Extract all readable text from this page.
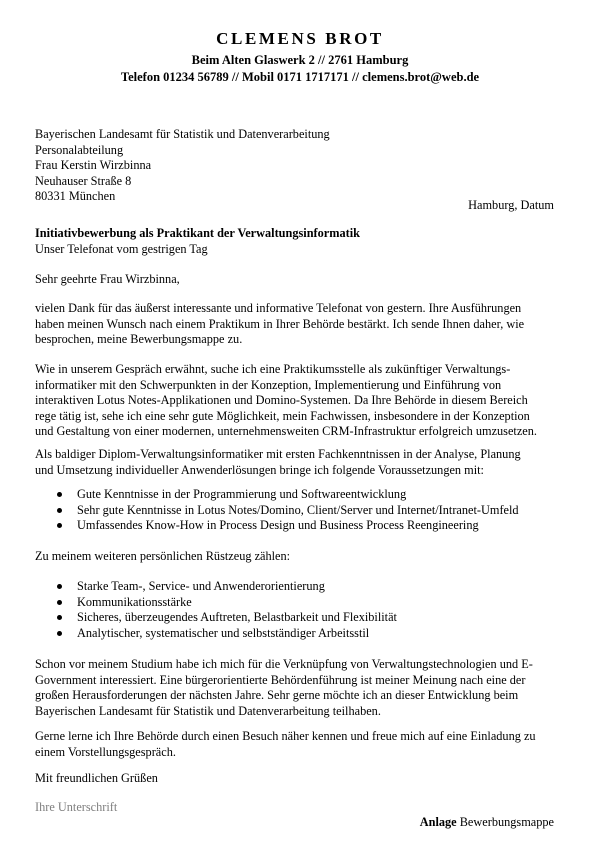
CLEMENS BROT
Beim Alten Glaswerk 2 // 2761 Hamburg
Telefon 01234 56789 // Mobil 0171 1717171 // clemens.brot@web.de
Bayerischen Landesamt für Statistik und Datenverarbeitung
Personalabteilung
Frau Kerstin Wirzbinna
Neuhauser Straße 8
80331 München
Hamburg, Datum
Initiativbewerbung als Praktikant der Verwaltungsinformatik
Unser Telefonat vom gestrigen Tag
Sehr geehrte Frau Wirzbinna,
vielen Dank für das äußerst interessante und informative Telefonat von gestern. Ihre Ausführungen
haben meinen Wunsch nach einem Praktikum in Ihrer Behörde bestärkt. Ich sende Ihnen daher, wie
besprochen, meine Bewerbungsmappe zu.
Wie in unserem Gespräch erwähnt, suche ich eine Praktikumsstelle als zukünftiger Verwaltungs-
informatiker mit den Schwerpunkten in der Konzeption, Implementierung und Einführung von
interaktiven Lotus Notes-Applikationen und Domino-Systemen. Da Ihre Behörde in diesem Bereich
rege tätig ist, sehe ich eine sehr gute Möglichkeit, mein Fachwissen, insbesondere in der Konzeption
und Gestaltung von einer modernen, unternehmensweiten CRM-Infrastruktur erfolgreich umzusetzen.
Als baldiger Diplom-Verwaltungsinformatiker mit ersten Fachkenntnissen in der Analyse, Planung
und Umsetzung individueller Anwenderlösungen bringe ich folgende Voraussetzungen mit:
Gute Kenntnisse in der Programmierung und Softwareentwicklung
Sehr gute Kenntnisse in Lotus Notes/Domino, Client/Server und Internet/Intranet-Umfeld
Umfassendes Know-How in Process Design und Business Process Reengineering
Zu meinem weiteren persönlichen Rüstzeug zählen:
Starke Team-, Service- und Anwenderorientierung
Kommunikationsstärke
Sicheres, überzeugendes Auftreten, Belastbarkeit und Flexibilität
Analytischer, systematischer und selbstständiger Arbeitsstil
Schon vor meinem Studium habe ich mich für die Verknüpfung von Verwaltungstechnologien und E-
Government interessiert. Eine bürgerorientierte Behördenführung ist meiner Meinung nach eine der
großen Herausforderungen der nächsten Jahre. Sehr gerne möchte ich an dieser Entwicklung beim
Bayerischen Landesamt für Statistik und Datenverarbeitung teilhaben.
Gerne lerne ich Ihre Behörde durch einen Besuch näher kennen und freue mich auf eine Einladung zu
einem Vorstellungsgespräch.
Mit freundlichen Grüßen
Ihre Unterschrift
Anlage Bewerbungsmappe
